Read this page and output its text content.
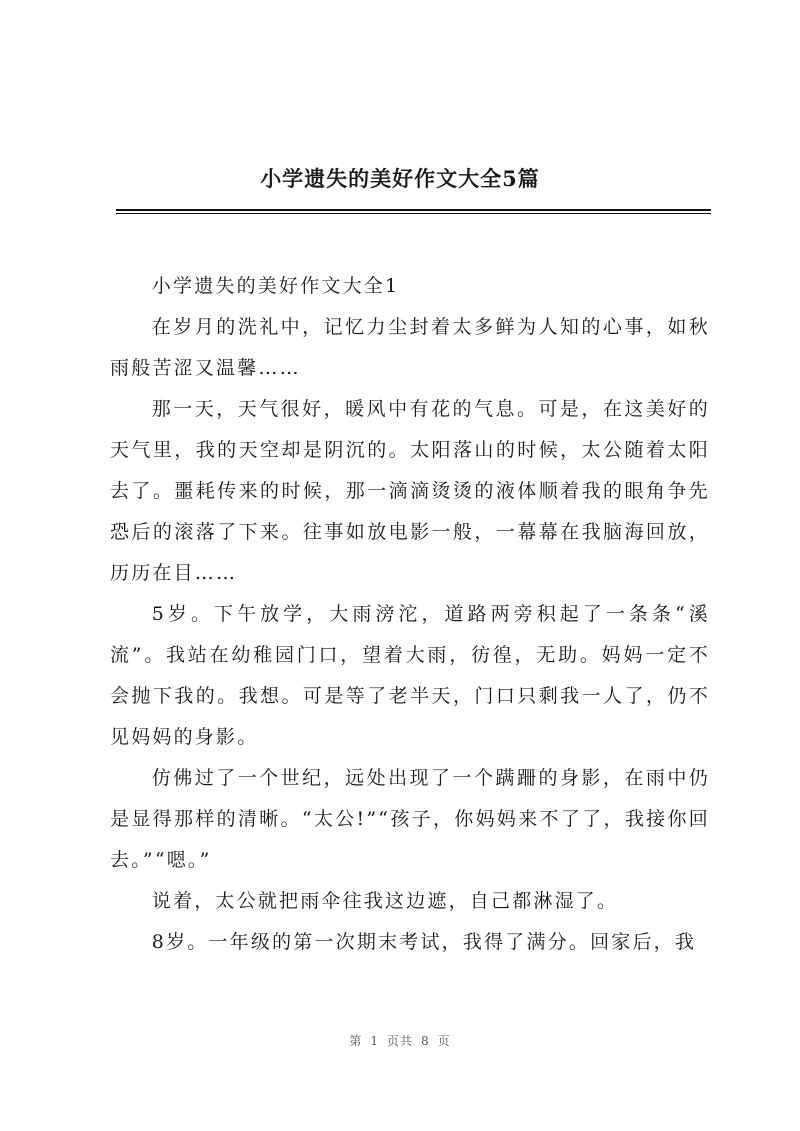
小学遗失的美好作文大全5篇

小学遗失的美好作文大全1

在岁月的洗礼中，记忆力尘封着太多鲜为人知的心事，如秋雨般苦涩又温馨……

那一天，天气很好，暖风中有花的气息。可是，在这美好的天气里，我的天空却是阴沉的。太阳落山的时候，太公随着太阳去了。噩耗传来的时候，那一滴滴烫烫的液体顺着我的眼角争先恐后的滚落了下来。往事如放电影一般，一幕幕在我脑海回放，历历在目……

5岁。下午放学，大雨滂沱，道路两旁积起了一条条“溪流”。我站在幼稚园门口，望着大雨，彷徨，无助。妈妈一定不会抛下我的。我想。可是等了老半天，门口只剩我一人了，仍不见妈妈的身影。

仿佛过了一个世纪，远处出现了一个蹒跚的身影，在雨中仍是显得那样的清晰。“太公!”“孩子，你妈妈来不了了，我接你回去。”“嗯。”

说着，太公就把雨伞往我这边遮，自己都淋湿了。

8岁。一年级的第一次期末考试，我得了满分。回家后，我

第 1 页共 8 页
